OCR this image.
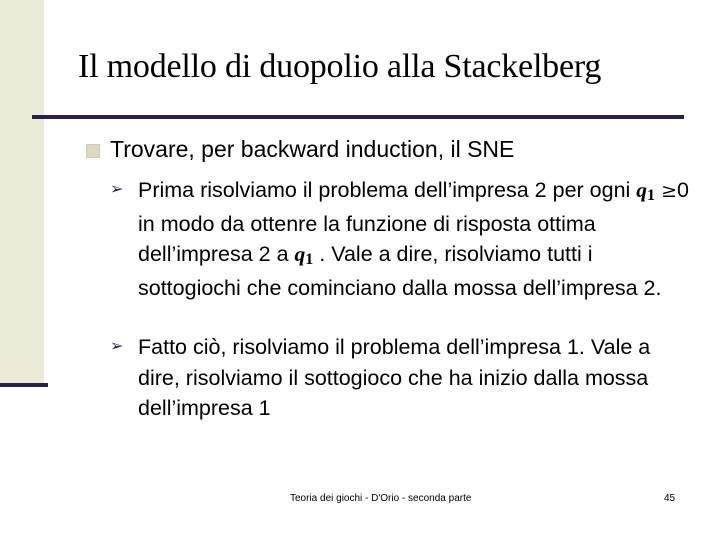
Il modello di duopolio alla Stackelberg
Trovare, per backward induction, il SNE
➢ Prima risolviamo il problema dell’impresa 2 per ogni q1 ≥0 in modo da ottenre la funzione di risposta ottima dell’impresa 2 a q1 . Vale a dire, risolviamo tutti i sottogiochi che cominciano dalla mossa dell’impresa 2.
➢ Fatto ciò, risolviamo il problema dell’impresa 1. Vale a dire, risolviamo il sottogioco che ha inizio dalla mossa dell’impresa 1
Teoria dei giochi - D'Orio - seconda parte	45
